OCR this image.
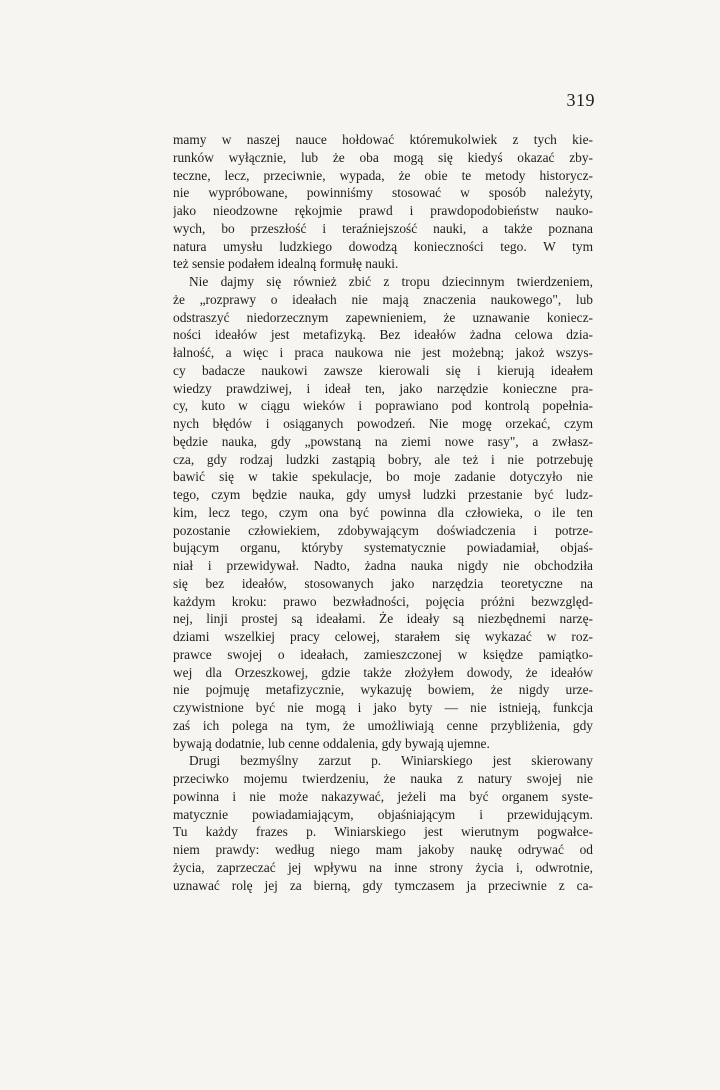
319
mamy w naszej nauce hołdować któremukolwiek z tych kie-
runków wyłącznie, lub że oba mogą się kiedyś okazać zby-
teczne, lecz, przeciwnie, wypada, że obie te metody historycz-
nie wypróbowane, powinniśmy stosować w sposób należyty,
jako nieodzowne rękojmie prawd i prawdopodobieństw nauko-
wych, bo przeszłość i teraźniejszość nauki, a także poznana
natura umysłu ludzkiego dowodzą konieczności tego. W tym
też sensie podałem idealną formułę nauki.
Nie dajmy się również zbić z tropu dziecinnym twierdzeniem,
że „rozprawy o ideałach nie mają znaczenia naukowego", lub
odstraszyć niedorzecznym zapewnieniem, że uznawanie koniecz-
ności ideałów jest metafizyką. Bez ideałów żadna celowa dzia-
łalność, a więc i praca naukowa nie jest możebną; jakoż wszys-
cy badacze naukowi zawsze kierowali się i kierują ideałem
wiedzy prawdziwej, i ideał ten, jako narzędzie konieczne pra-
cy, kuto w ciągu wieków i poprawiano pod kontrolą popełnia-
nych błędów i osiąganych powodzeń. Nie mogę orzekać, czym
będzie nauka, gdy „powstaną na ziemi nowe rasy", a zwłasz-
cza, gdy rodzaj ludzki zastąpią bobry, ale też i nie potrzebuję
bawić się w takie spekulacje, bo moje zadanie dotyczyło nie
tego, czym będzie nauka, gdy umysł ludzki przestanie być ludz-
kim, lecz tego, czym ona być powinna dla człowieka, o ile ten
pozostanie człowiekiem, zdobywającym doświadczenia i potrze-
bującym organu, któryby systematycznie powiadamiał, objaś-
niał i przewidywał. Nadto, żadna nauka nigdy nie obchodziła
się bez ideałów, stosowanych jako narzędzia teoretyczne na
każdym kroku: prawo bezwładności, pojęcia próżni bezwzględ-
nej, linji prostej są ideałami. Że ideały są niezbędnemi narzę-
dziami wszelkiej pracy celowej, starałem się wykazać w roz-
prawce swojej o ideałach, zamieszczonej w księdze pamiątko-
wej dla Orzeszkowej, gdzie także złożyłem dowody, że ideałów
nie pojmuję metafizycznie, wykazuję bowiem, że nigdy urze-
czywistnione być nie mogą i jako byty — nie istnieją, funkcja
zaś ich polega na tym, że umożliwiają cenne przybliżenia, gdy
bywają dodatnie, lub cenne oddalenia, gdy bywają ujemne.
Drugi bezmyślny zarzut p. Winiarskiego jest skierowany
przeciwko mojemu twierdzeniu, że nauka z natury swojej nie
powinna i nie może nakazywać, jeżeli ma być organem syste-
matycznie powiadamiającym, objaśniającym i przewidującym.
Tu każdy frazes p. Winiarskiego jest wierutnym pogwałce-
niem prawdy: według niego mam jakoby naukę odrywać od
życia, zaprzeczać jej wpływu na inne strony życia i, odwrotnie,
uznawać rolę jej za bierną, gdy tymczasem ja przeciwnie z ca-
